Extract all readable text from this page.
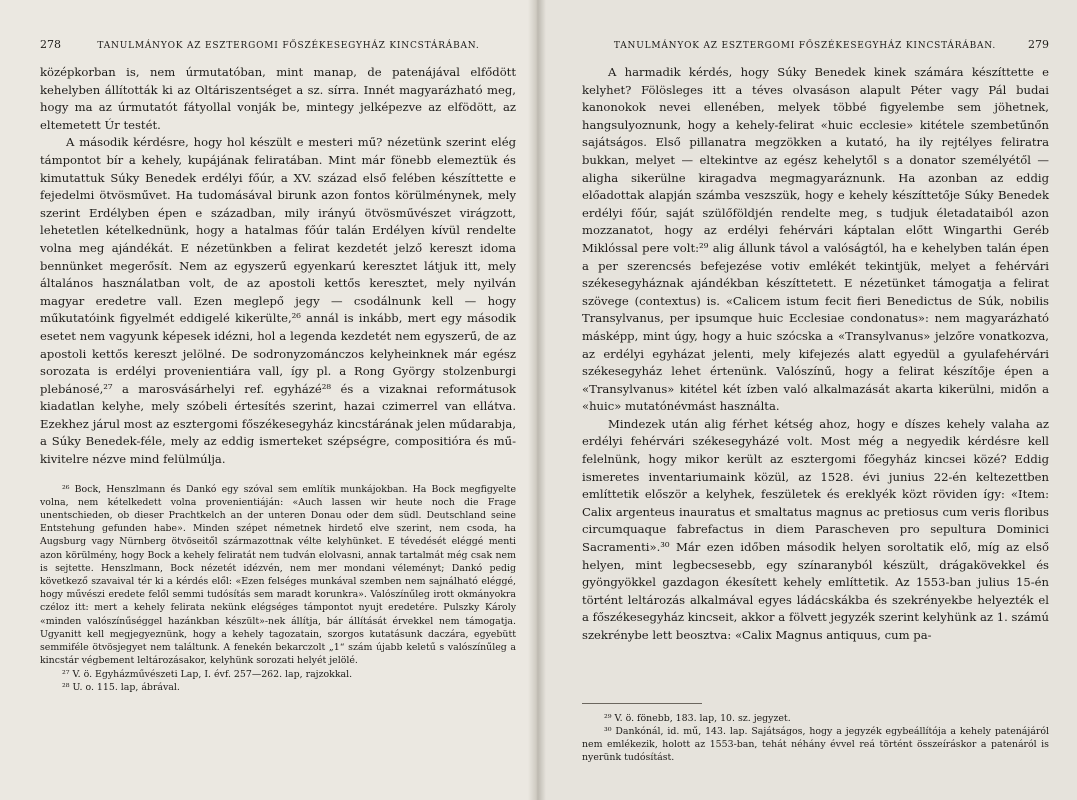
278	TANULMÁNYOK AZ ESZTERGOMI FŐSZÉKESEGYHÁZ KINCSTÁRÁBAN.

középkorban is, nem úrmutatóban, mint manap, de patenájával elfődött kehelyben állították ki az Oltáriszentséget a sz. sírra. Innét magyarázható meg, hogy ma az úrmutatót fátyollal vonják be, mintegy jelképezve az elfödött, az eltemetett Úr testét.

A második kérdésre, hogy hol készült e mesteri mű? nézetünk szerint elég támpontot bír a kehely, kupájának feliratában. Mint már fönebb elemeztük és kimutattuk Súky Benedek erdélyi főúr, a XV. század első felében készíttette e fejedelmi ötvösművet. Ha tudomásával birunk azon fontos körülménynek, mely szerint Erdélyben épen e században, mily irányú ötvösművészet virágzott, lehetetlen kételkednünk, hogy a hatalmas főúr talán Erdélyen kívül rendelte volna meg ajándékát. E nézetünkben a felirat kezdetét jelző kereszt idoma bennünket megerősít. Nem az egyszerű egyenkarú keresztet látjuk itt, mely általános használatban volt, de az apostoli kettős keresztet, mely nyilván magyar eredetre vall. Ezen meglepő jegy — csodálnunk kell — hogy műkutatóink figyelmét eddigelé kikerülte,²⁶ annál is inkább, mert egy második esetet nem vagyunk képesek idézni, hol a legenda kezdetét nem egyszerű, de az apostoli kettős kereszt jelölné. De sodronyzománczos kelyheinknek már egész sorozata is erdélyi provenientiára vall, így pl. a Rong György stolzenburgi plebánosé,²⁷ a marosvásárhelyi ref. egyházé²⁸ és a vizaknai reformátusok kiadatlan kelyhe, mely szóbeli értesítés szerint, hazai czimerrel van ellátva. Ezekhez járul most az esztergomi főszékesegyház kincstárának jelen műdarabja, a Súky Benedek-féle, mely az eddig ismerteket szépségre, compositióra és mű-kivitelre nézve mind felülmúlja.

²⁶ Bock, Henszlmann és Dankó egy szóval sem említik munkájokban. Ha Bock megfigyelte volna, nem kételkedett volna provenientiáján: «Auch lassen wir heute noch die Frage unentschieden, ob dieser Prachtkelch an der unteren Donau oder dem südl. Deutschland seine Entstehung gefunden habe». Minden szépet németnek hirdető elve szerint, nem csoda, ha Augsburg vagy Nürnberg ötvöseitől származottnak vélte kelyhünket. E tévedését eléggé menti azon körülmény, hogy Bock a kehely feliratát nem tudván elolvasni, annak tartalmát még csak nem is sejtette. Henszlmann, Bock nézetét idézvén, nem mer mondani véleményt; Dankó pedig következő szavaival tér ki a kérdés elől: «Ezen felséges munkával szemben nem sajnálható eléggé, hogy művészi eredete felől semmi tudósítás sem maradt korunkra». Valószínűleg irott okmányokra czéloz itt: mert a kehely felirata nekünk elégséges támpontot nyujt eredetére. Pulszky Károly «minden valószínűséggel hazánkban készült»-nek állítja, bár állítását érvekkel nem támogatja. Ugyanitt kell megjegyeznünk, hogy a kehely tagozatain, szorgos kutatásunk daczára, egyebütt semmiféle ötvösjegyet nem találtunk. A fenekén bekarczolt „1“ szám újabb keletű s valószínűleg a kincstár végbement leltározásakor, kelyhünk sorozati helyét jelölé.

²⁷ V. ö. Egyházművészeti Lap, I. évf. 257—262. lap, rajzokkal.

²⁸ U. o. 115. lap, ábrával.

TANULMÁNYOK AZ ESZTERGOMI FŐSZÉKESEGYHÁZ KINCSTÁRÁBAN.	279

A harmadik kérdés, hogy Súky Benedek kinek számára készíttette e kelyhet? Fölösleges itt a téves olvasáson alapult Péter vagy Pál budai kanonokok nevei ellenében, melyek többé figyelembe sem jöhetnek, hangsulyoznunk, hogy a kehely-felirat «huic ecclesie» kitétele szembetűnőn sajátságos. Első pillanatra megzökken a kutató, ha ily rejtélyes feliratra bukkan, melyet — eltekintve az egész kehelytől s a donator személyétől — aligha sikerülne kiragadva megmagyaráznunk. Ha azonban az eddig előadottak alapján számba veszszük, hogy e kehely készíttetője Súky Benedek erdélyi főúr, saját szülőföldjén rendelte meg, s tudjuk életadataiból azon mozzanatot, hogy az erdélyi fehérvári káptalan előtt Wingarthi Geréb Miklóssal pere volt:²⁹ alig állunk távol a valóságtól, ha e kehelyben talán épen a per szerencsés befejezése votiv emlékét tekintjük, melyet a fehérvári székesegyháznak ajándékban készíttetett. E nézetünket támogatja a felirat szövege (contextus) is. «Calicem istum fecit fieri Benedictus de Súk, nobilis Transylvanus, per ipsumque huic Ecclesiae condonatus»: nem magyarázható másképp, mint úgy, hogy a huic szócska a «Transylvanus» jelzőre vonatkozva, az erdélyi egyházat jelenti, mely kifejezés alatt egyedül a gyulafehérvári székesegyház lehet értenünk. Valószínű, hogy a felirat készítője épen a «Transylvanus» kitétel két ízben való alkalmazását akarta kikerülni, midőn a «huic» mutatónévmást használta.

Mindezek után alig férhet kétség ahoz, hogy e díszes kehely valaha az erdélyi fehérvári székesegyházé volt. Most még a negyedik kérdésre kell felelnünk, hogy mikor került az esztergomi főegyház kincsei közé? Eddig ismeretes inventariumaink közül, az 1528. évi junius 22-én keltezettben említtetik először a kelyhek, feszületek és ereklyék közt röviden így: «Item: Calix argenteus inauratus et smaltatus magnus ac pretiosus cum veris floribus circumquaque fabrefactus in diem Parascheven pro sepultura Dominici Sacramenti».³⁰ Már ezen időben második helyen soroltatik elő, míg az első helyen, mint legbecsesebb, egy színaranyból készült, drágakövekkel és gyöngyökkel gazdagon ékesített kehely említtetik. Az 1553-ban julius 15-én történt leltározás alkalmával egyes ládácskákba és szekrényekbe helyezték el a főszékesegyház kincseit, akkor a fölvett jegyzék szerint kelyhünk az 1. számú szekrénybe lett beosztva: «Calix Magnus antiquus, cum pa-

²⁹ V. ö. fönebb, 183. lap, 10. sz. jegyzet.

³⁰ Dankónál, id. mű, 143. lap. Sajátságos, hogy a jegyzék egybeállítója a kehely patenájáról nem emlékezik, holott az 1553-ban, tehát néhány évvel reá történt összeíráskor a patenáról is nyerünk tudósítást.
